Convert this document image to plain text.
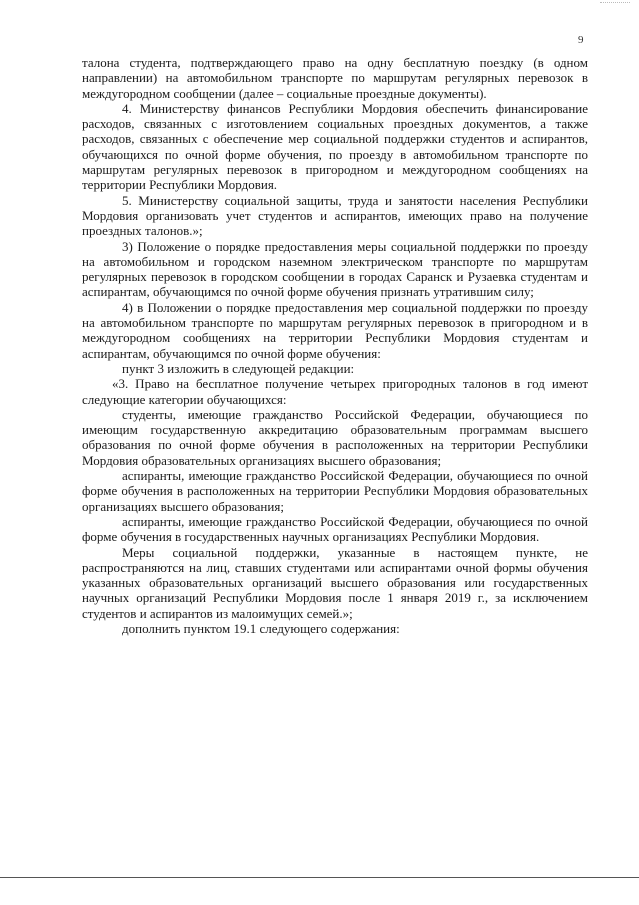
9

талона студента, подтверждающего право на одну бесплатную поездку (в одном направлении) на автомобильном транспорте по маршрутам регулярных перевозок в междугородном сообщении (далее – социальные проездные документы).

4. Министерству финансов Республики Мордовия обеспечить финансирование расходов, связанных с изготовлением социальных проездных документов, а также расходов, связанных с обеспечение мер социальной поддержки студентов и аспирантов, обучающихся по очной форме обучения, по проезду в автомобильном транспорте по маршрутам регулярных перевозок в пригородном и междугородном сообщениях на территории Республики Мордовия.

5. Министерству социальной защиты, труда и занятости населения Республики Мордовия организовать учет студентов и аспирантов, имеющих право на получение проездных талонов.»;

3) Положение о порядке предоставления меры социальной поддержки по проезду на автомобильном и городском наземном электрическом транспорте по маршрутам регулярных перевозок в городском сообщении в городах Саранск и Рузаевка студентам и аспирантам, обучающимся по очной форме обучения признать утратившим силу;

4) в Положении о порядке предоставления мер социальной поддержки по проезду на автомобильном транспорте по маршрутам регулярных перевозок в пригородном и в междугородном сообщениях на территории Республики Мордовия студентам и аспирантам, обучающимся по очной форме обучения:

пункт 3 изложить в следующей редакции:

«3. Право на бесплатное получение четырех пригородных талонов в год имеют следующие категории обучающихся:

студенты, имеющие гражданство Российской Федерации, обучающиеся по имеющим государственную аккредитацию образовательным программам высшего образования по очной форме обучения в расположенных на территории Республики Мордовия образовательных организациях высшего образования;

аспиранты, имеющие гражданство Российской Федерации, обучающиеся по очной форме обучения в расположенных на территории Республики Мордовия образовательных организациях высшего образования;

аспиранты, имеющие гражданство Российской Федерации, обучающиеся по очной форме обучения в государственных научных организациях Республики Мордовия.

Меры социальной поддержки, указанные в настоящем пункте, не распространяются на лиц, ставших студентами или аспирантами очной формы обучения указанных образовательных организаций высшего образования или государственных научных организаций Республики Мордовия после 1 января 2019 г., за исключением студентов и аспирантов из малоимущих семей.»;

дополнить пунктом 19.1 следующего содержания:
